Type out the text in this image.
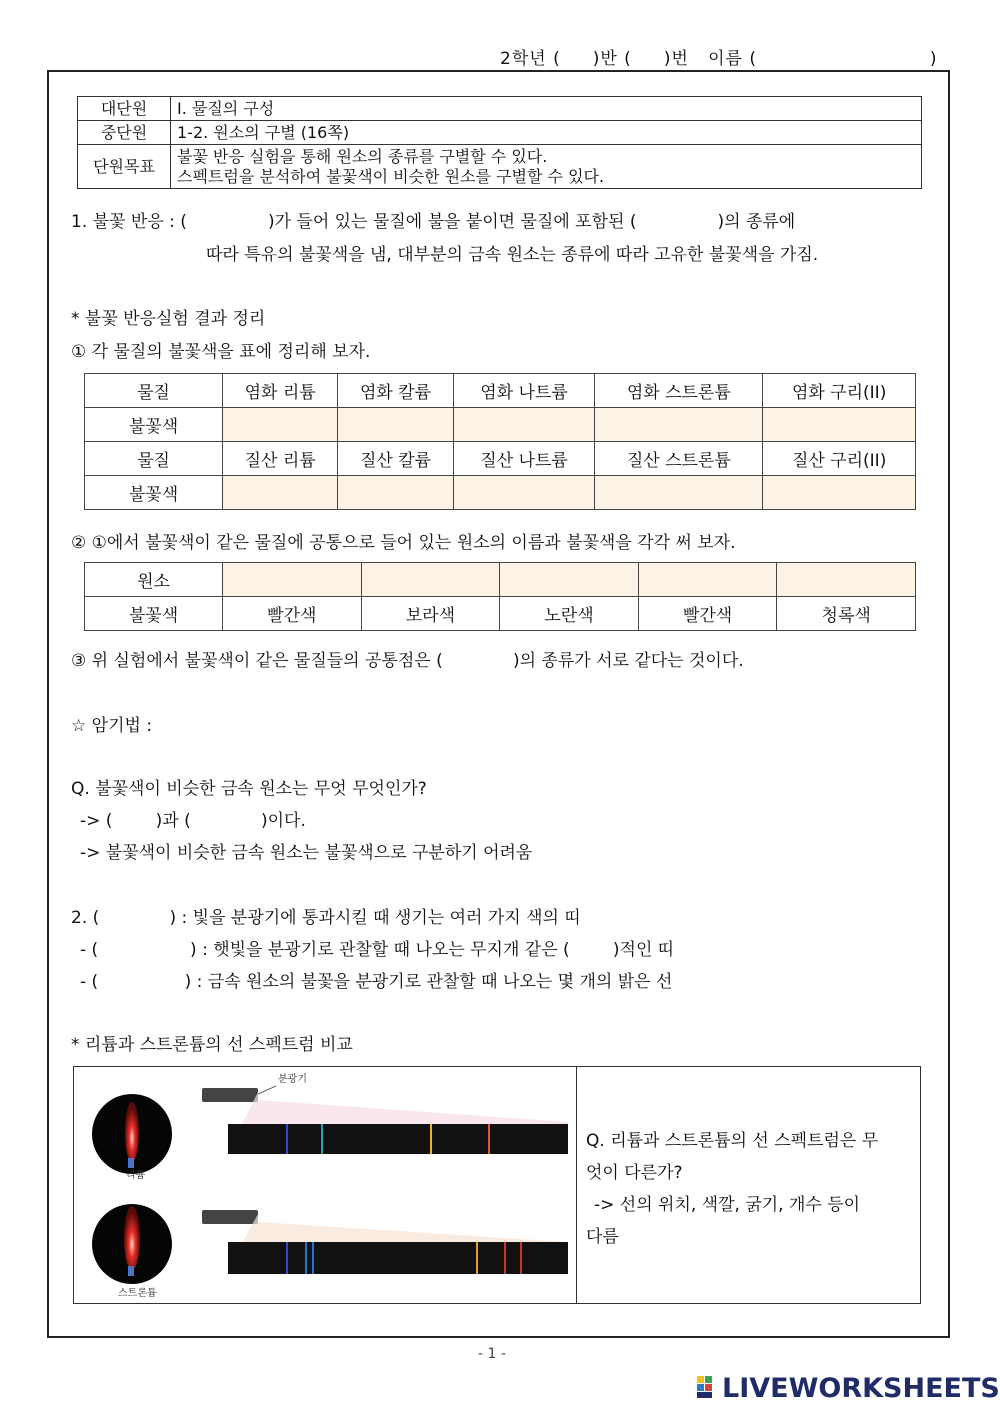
2학년 (     )반 (     )번   이름 (                           )
대단원	I. 물질의 구성
중단원	1-2. 원소의 구별 (16쪽)
단원목표	불꽃 반응 실험을 통해 원소의 종류를 구별할 수 있다.
스펙트럼을 분석하여 불꽃색이 비슷한 원소를 구별할 수 있다.
1. 불꽃 반응 : (               )가 들어 있는 물질에 불을 붙이면 물질에 포함된 (               )의 종류에
따라 특유의 불꽃색을 냄, 대부분의 금속 원소는 종류에 따라 고유한 불꽃색을 가짐.
* 불꽃 반응실험 결과 정리
① 각 물질의 불꽃색을 표에 정리해 보자.
물질	염화 리튬	염화 칼륨	염화 나트륨	염화 스트론튬	염화 구리(II)
불꽃색					
물질	질산 리튬	질산 칼륨	질산 나트륨	질산 스트론튬	질산 구리(II)
불꽃색					
② ①에서 불꽃색이 같은 물질에 공통으로 들어 있는 원소의 이름과 불꽃색을 각각 써 보자.
원소					
불꽃색	빨간색	보라색	노란색	빨간색	청록색
③ 위 실험에서 불꽃색이 같은 물질들의 공통점은 (             )의 종류가 서로 같다는 것이다.
☆ 암기법 :
Q. 불꽃색이 비슷한 금속 원소는 무엇 무엇인가?
-> (        )과 (             )이다.
-> 불꽃색이 비슷한 금속 원소는 불꽃색으로 구분하기 어려움
2. (             ) : 빛을 분광기에 통과시킬 때 생기는 여러 가지 색의 띠
- (                 ) : 햇빛을 분광기로 관찰할 때 나오는 무지개 같은 (        )적인 띠
- (                ) : 금속 원소의 불꽃을 분광기로 관찰할 때 나오는 몇 개의 밝은 선
* 리튬과 스트론튬의 선 스펙트럼 비교
리튬
분광기
스트론튬
Q. 리튬과 스트론튬의 선 스펙트럼은 무
엇이 다른가?
-> 선의 위치, 색깔, 굵기, 개수 등이
다름
- 1 -
LIVEWORKSHEETS
